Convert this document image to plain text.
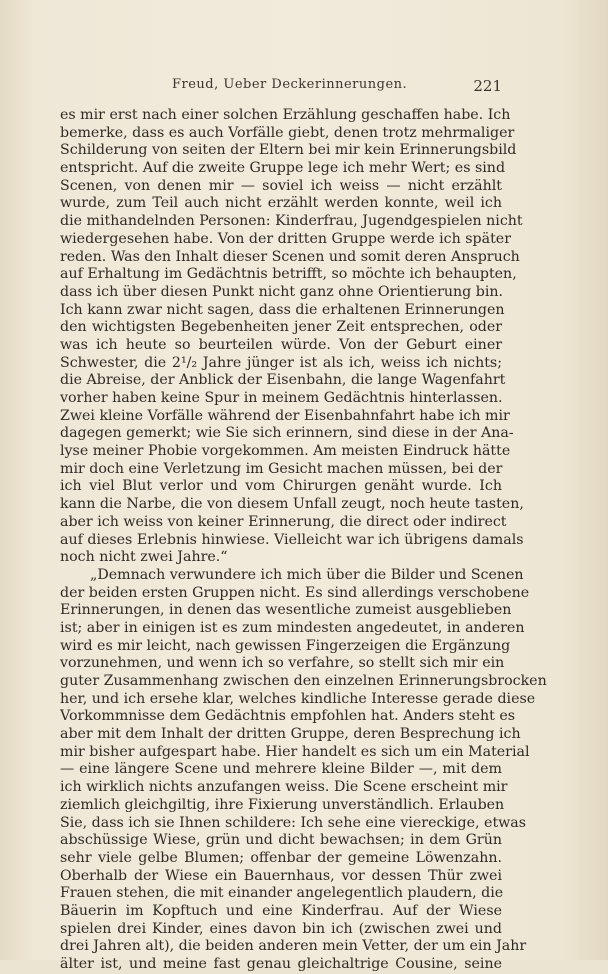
Freud, Ueber Deckerinnerungen.	221
es mir erst nach einer solchen Erzählung geschaffen habe. Ich
bemerke, dass es auch Vorfälle giebt, denen trotz mehrmaliger
Schilderung von seiten der Eltern bei mir kein Erinnerungsbild
entspricht. Auf die zweite Gruppe lege ich mehr Wert; es sind
Scenen, von denen mir — soviel ich weiss — nicht erzählt
wurde, zum Teil auch nicht erzählt werden konnte, weil ich
die mithandelnden Personen: Kinderfrau, Jugendgespielen nicht
wiedergesehen habe. Von der dritten Gruppe werde ich später
reden. Was den Inhalt dieser Scenen und somit deren Anspruch
auf Erhaltung im Gedächtnis betrifft, so möchte ich behaupten,
dass ich über diesen Punkt nicht ganz ohne Orientierung bin.
Ich kann zwar nicht sagen, dass die erhaltenen Erinnerungen
den wichtigsten Begebenheiten jener Zeit entsprechen, oder
was ich heute so beurteilen würde. Von der Geburt einer
Schwester, die 2¹/₂ Jahre jünger ist als ich, weiss ich nichts;
die Abreise, der Anblick der Eisenbahn, die lange Wagenfahrt
vorher haben keine Spur in meinem Gedächtnis hinterlassen.
Zwei kleine Vorfälle während der Eisenbahnfahrt habe ich mir
dagegen gemerkt; wie Sie sich erinnern, sind diese in der Ana-
lyse meiner Phobie vorgekommen. Am meisten Eindruck hätte
mir doch eine Verletzung im Gesicht machen müssen, bei der
ich viel Blut verlor und vom Chirurgen genäht wurde. Ich
kann die Narbe, die von diesem Unfall zeugt, noch heute tasten,
aber ich weiss von keiner Erinnerung, die direct oder indirect
auf dieses Erlebnis hinwiese. Vielleicht war ich übrigens damals
noch nicht zwei Jahre.“
„Demnach verwundere ich mich über die Bilder und Scenen
der beiden ersten Gruppen nicht. Es sind allerdings verschobene
Erinnerungen, in denen das wesentliche zumeist ausgeblieben
ist; aber in einigen ist es zum mindesten angedeutet, in anderen
wird es mir leicht, nach gewissen Fingerzeigen die Ergänzung
vorzunehmen, und wenn ich so verfahre, so stellt sich mir ein
guter Zusammenhang zwischen den einzelnen Erinnerungsbrocken
her, und ich ersehe klar, welches kindliche Interesse gerade diese
Vorkommnisse dem Gedächtnis empfohlen hat. Anders steht es
aber mit dem Inhalt der dritten Gruppe, deren Besprechung ich
mir bisher aufgespart habe. Hier handelt es sich um ein Material
— eine längere Scene und mehrere kleine Bilder —, mit dem
ich wirklich nichts anzufangen weiss. Die Scene erscheint mir
ziemlich gleichgiltig, ihre Fixierung unverständlich. Erlauben
Sie, dass ich sie Ihnen schildere: Ich sehe eine viereckige, etwas
abschüssige Wiese, grün und dicht bewachsen; in dem Grün
sehr viele gelbe Blumen; offenbar der gemeine Löwenzahn.
Oberhalb der Wiese ein Bauernhaus, vor dessen Thür zwei
Frauen stehen, die mit einander angelegentlich plaudern, die
Bäuerin im Kopftuch und eine Kinderfrau. Auf der Wiese
spielen drei Kinder, eines davon bin ich (zwischen zwei und
drei Jahren alt), die beiden anderen mein Vetter, der um ein Jahr
älter ist, und meine fast genau gleichaltrige Cousine, seine
